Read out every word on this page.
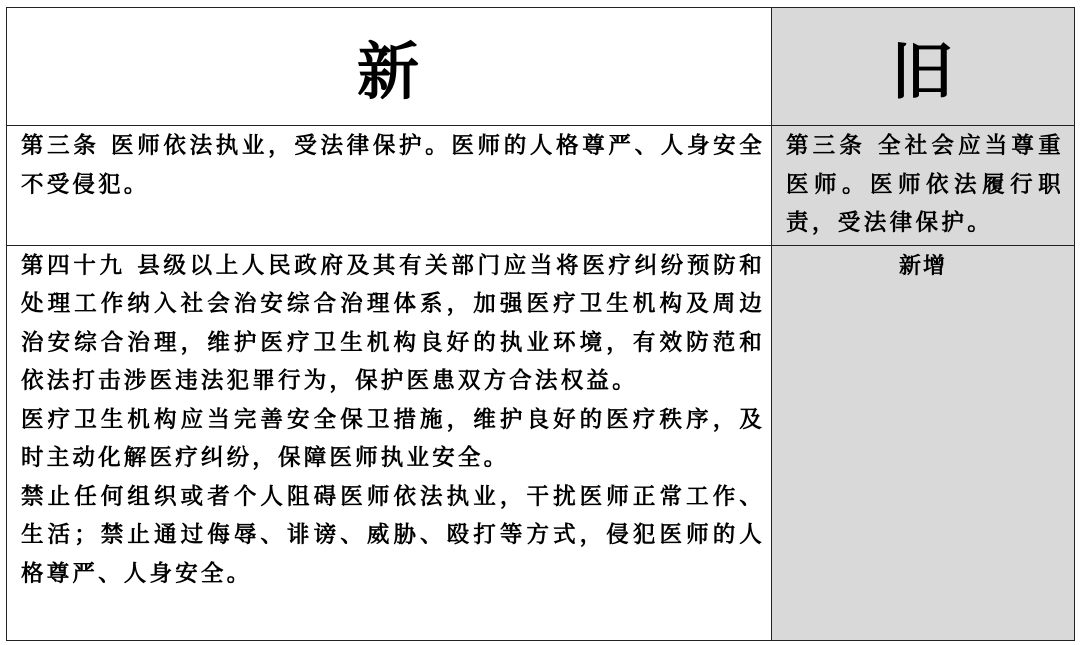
新	旧

第三条 医师依法执业，受法律保护。医师的人格尊严、人身安全不受侵犯。	第三条 全社会应当尊重医师。医师依法履行职责，受法律保护。

第四十九 县级以上人民政府及其有关部门应当将医疗纠纷预防和处理工作纳入社会治安综合治理体系，加强医疗卫生机构及周边治安综合治理，维护医疗卫生机构良好的执业环境，有效防范和依法打击涉医违法犯罪行为，保护医患双方合法权益。

医疗卫生机构应当完善安全保卫措施，维护良好的医疗秩序，及时主动化解医疗纠纷，保障医师执业安全。

禁止任何组织或者个人阻碍医师依法执业，干扰医师正常工作、生活；禁止通过侮辱、诽谤、威胁、殴打等方式，侵犯医师的人格尊严、人身安全。	新增
